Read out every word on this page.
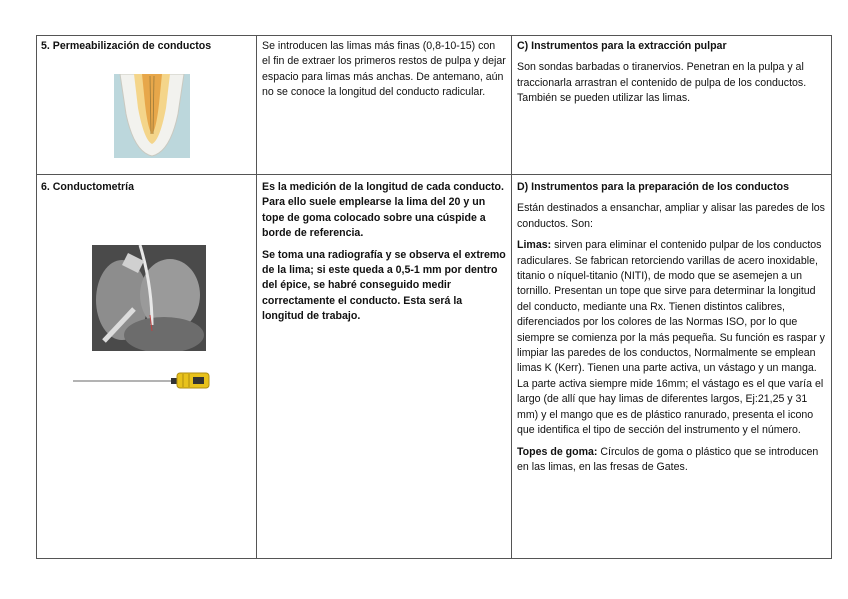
5. Permeabilización de conductos	Se introducen las limas más finas (0,8-10-15) con el fin de extraer los primeros restos de pulpa y dejar espacio para limas más anchas. De antemano, aún no se conoce la longitud del conducto radicular.

C) Instrumentos para la extracción pulpar

Son sondas barbadas o tiranervios. Penetran en la pulpa y al traccionarla arrastran el contenido de pulpa de los conductos. También se pueden utilizar las limas.

6. Conductometría	Es la medición de la longitud de cada conducto. Para ello suele emplearse la lima del 20 y un tope de goma colocado sobre una cúspide a borde de referencia.

Se toma una radiografía y se observa el extremo de la lima; si este queda a 0,5-1 mm por dentro del épice, se habré conseguido medir correctamente el conducto. Esta será la longitud de trabajo.

D) Instrumentos para la preparación de los conductos

Están destinados a ensanchar, ampliar y alisar las paredes de los conductos. Son:

Limas: sirven para eliminar el contenido pulpar de los conductos radiculares. Se fabrican retorciendo varillas de acero inoxidable, titanio o níquel-titanio (NITI), de modo que se asemejen a un tornillo. Presentan un tope que sirve para determinar la longitud del conducto, mediante una Rx. Tienen distintos calibres, diferenciados por los colores de las Normas ISO, por lo que siempre se comienza por la más pequeña. Su función es raspar y limpiar las paredes de los conductos, Normalmente se emplean limas K (Kerr). Tienen una parte activa, un vástago y un manga. La parte activa siempre mide 16mm; el vástago es el que varía el largo (de allí que hay limas de diferentes largos, Ej:21,25 y 31 mm) y el mango que es de plástico ranurado, presenta el icono que identifica el tipo de sección del instrumento y el número.

Topes de goma: Círculos de goma o plástico que se introducen en las limas, en las fresas de Gates.
